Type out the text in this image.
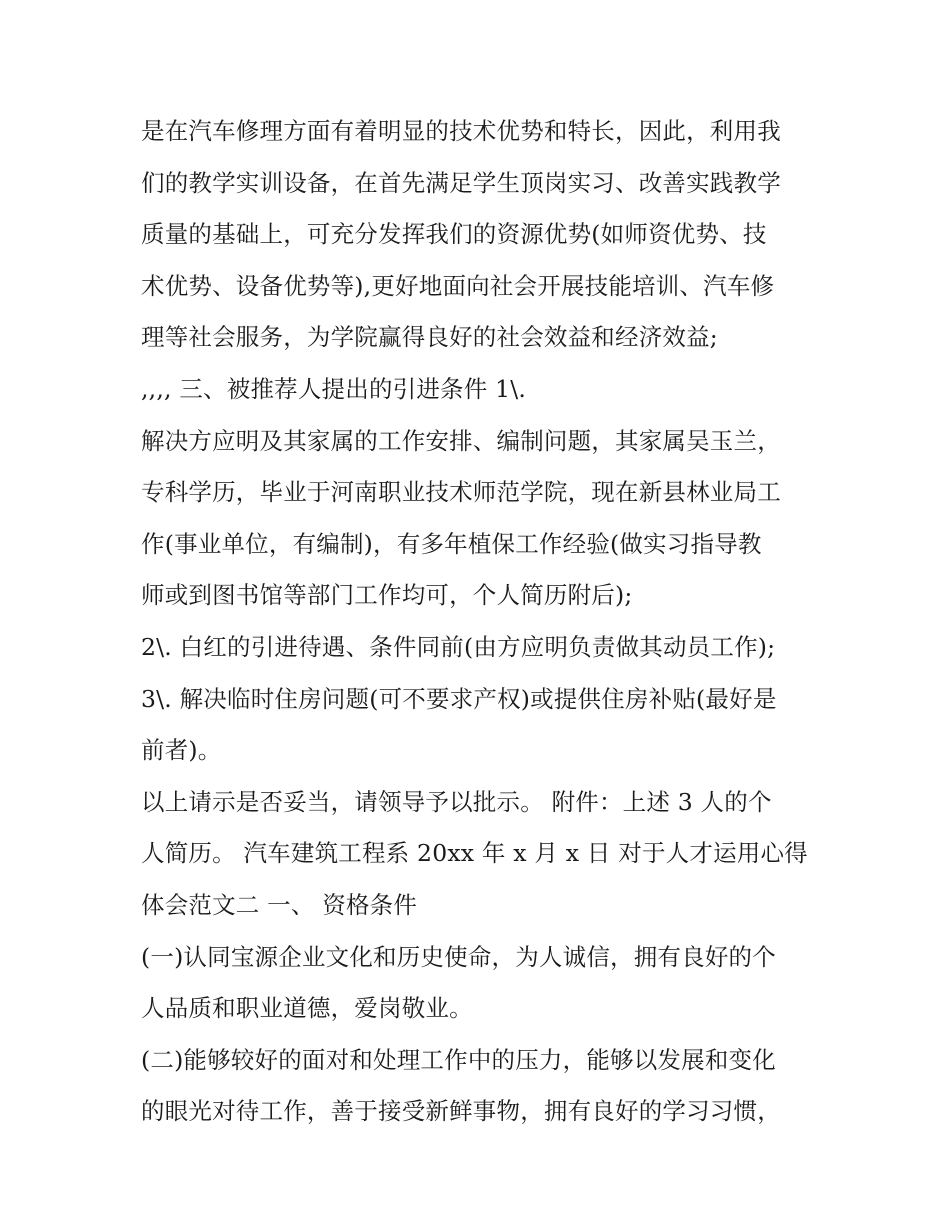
是在汽车修理方面有着明显的技术优势和特长，因此，利用我
们的教学实训设备，在首先满足学生顶岗实习、改善实践教学
质量的基础上，可充分发挥我们的资源优势(如师资优势、技
术优势、设备优势等),更好地面向社会开展技能培训、汽车修
理等社会服务，为学院赢得良好的社会效益和经济效益;
,,,, 三、被推荐人提出的引进条件 1\.
解决方应明及其家属的工作安排、编制问题，其家属吴玉兰，
专科学历，毕业于河南职业技术师范学院，现在新县林业局工
作(事业单位，有编制)，有多年植保工作经验(做实习指导教
师或到图书馆等部门工作均可，个人简历附后);
2\. 白红的引进待遇、条件同前(由方应明负责做其动员工作);
3\. 解决临时住房问题(可不要求产权)或提供住房补贴(最好是
前者)。
以上请示是否妥当，请领导予以批示。 附件：上述 3 人的个
人简历。 汽车建筑工程系 20xx 年 x 月 x 日 对于人才运用心得
体会范文二 一、 资格条件
(一)认同宝源企业文化和历史使命，为人诚信，拥有良好的个
人品质和职业道德，爱岗敬业。
(二)能够较好的面对和处理工作中的压力，能够以发展和变化
的眼光对待工作，善于接受新鲜事物，拥有良好的学习习惯，
